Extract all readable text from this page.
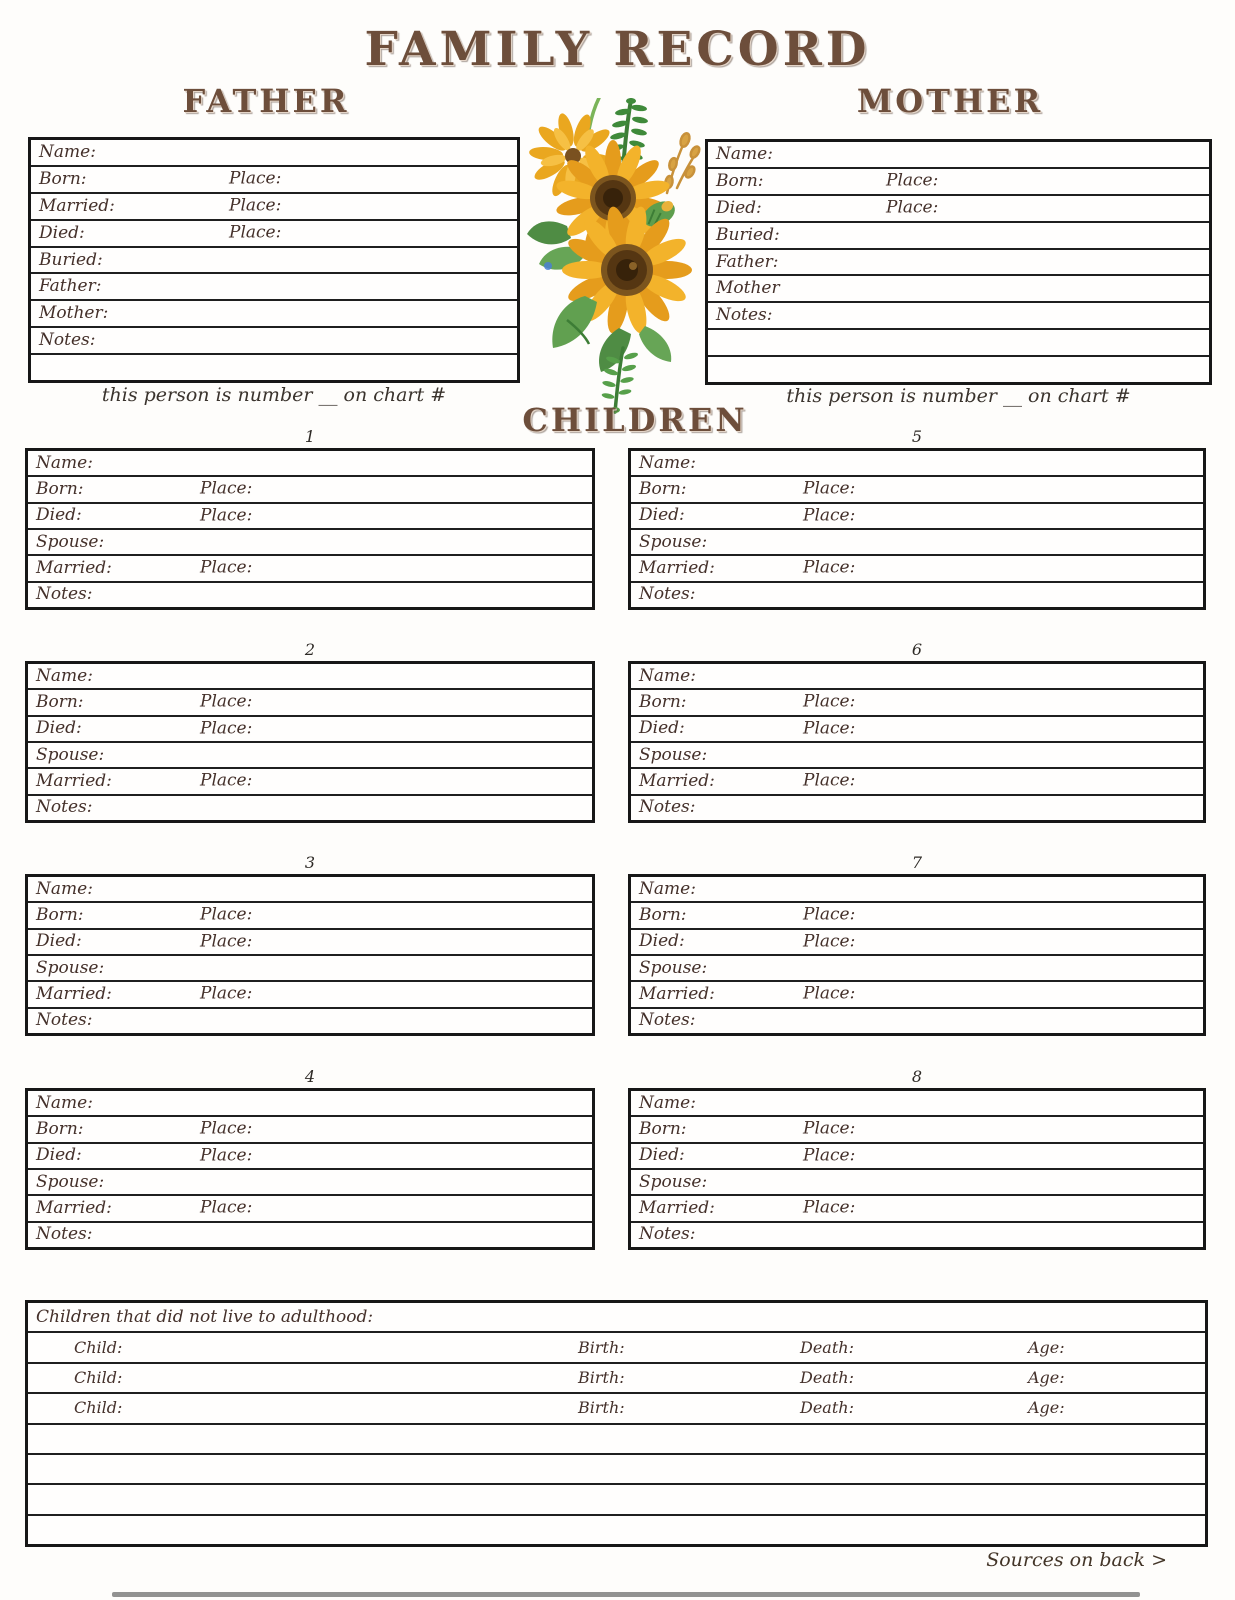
FAMILY RECORD
FATHER	MOTHER
Name:
Born:	Place:
Married:	Place:
Died:	Place:
Buried:
Father:
Mother:
Notes:
this person is number __ on chart #
Name:
Born:	Place:
Died:	Place:
Buried:
Father:
Mother
Notes:
this person is number __ on chart #
CHILDREN
1
Name:
Born:	Place:
Died:	Place:
Spouse:
Married:	Place:
Notes:
2
Name:
Born:	Place:
Died:	Place:
Spouse:
Married:	Place:
Notes:
3
Name:
Born:	Place:
Died:	Place:
Spouse:
Married:	Place:
Notes:
4
Name:
Born:	Place:
Died:	Place:
Spouse:
Married:	Place:
Notes:
5
Name:
Born:	Place:
Died:	Place:
Spouse:
Married:	Place:
Notes:
6
Name:
Born:	Place:
Died:	Place:
Spouse:
Married:	Place:
Notes:
7
Name:
Born:	Place:
Died:	Place:
Spouse:
Married:	Place:
Notes:
8
Name:
Born:	Place:
Died:	Place:
Spouse:
Married:	Place:
Notes:
Children that did not live to adulthood:
Child:	Birth:	Death:	Age:
Child:	Birth:	Death:	Age:
Child:	Birth:	Death:	Age:
Sources on back >
